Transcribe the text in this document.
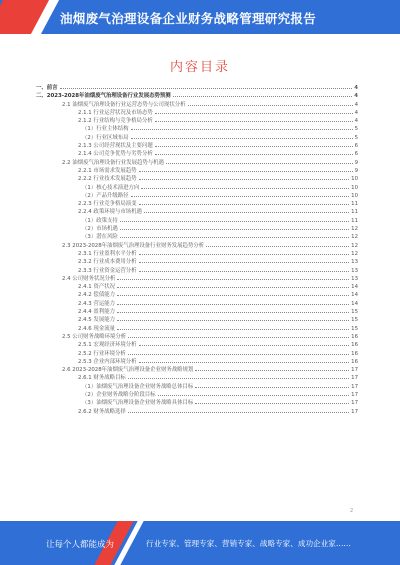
油烟废气治理设备企业财务战略管理研究报告
内容目录
一、前言	4
二、2023-2028年油烟废气治理设备行业发展态势预测	4
2.1 油烟废气治理设备行业运营态势与公司现状分析	4
2.1.1 行业运营状况及市场态势	4
2.1.2 行业结构与竞争格局分析	4
（1）行业主体结构	5
（2）行业区域布局	5
2.1.3 公司经营现状及主要问题	6
2.1.4 公司竞争优势与劣势分析	6
2.2 油烟废气治理设备行业发展趋势与机遇	9
2.2.1 市场需求发展趋势	9
2.2.2 行业技术发展趋势	10
（1）核心技术演进方向	10
（2）产品升级路径	10
2.2.3 行业竞争格局演变	11
2.2.4 政策环境与市场机遇	11
（1）政策支持	11
（2）市场机遇	12
（3）潜在风险	12
2.3 2023-2028年油烟废气治理设备行业财务发展趋势分析	12
2.3.1 行业盈利水平分析	12
2.3.2 行业成本费用分析	13
2.3.3 行业资金运营分析	13
2.4 公司财务状况分析	13
2.4.1 资产状况	14
2.4.2 偿债能力	14
2.4.3 营运能力	14
2.4.4 盈利能力	15
2.4.5 发展能力	15
2.4.6 现金流量	15
2.5 公司财务战略环境分析	16
2.5.1 宏观经济环境分析	16
2.5.2 行业环境分析	16
2.5.3 企业内部环境分析	16
2.6 2023-2028年油烟废气治理设备企业财务战略规划	17
2.6.1 财务战略目标	17
（1）油烟废气治理设备企业财务战略总体目标	17
（2）企业财务战略分阶段目标	17
（3）油烟废气治理设备企业财务战略具体目标	17
2.6.2 财务战略选择	17
2
让每个人都能成为	行业专家、管理专家、营销专家、战略专家、成功企业家……
